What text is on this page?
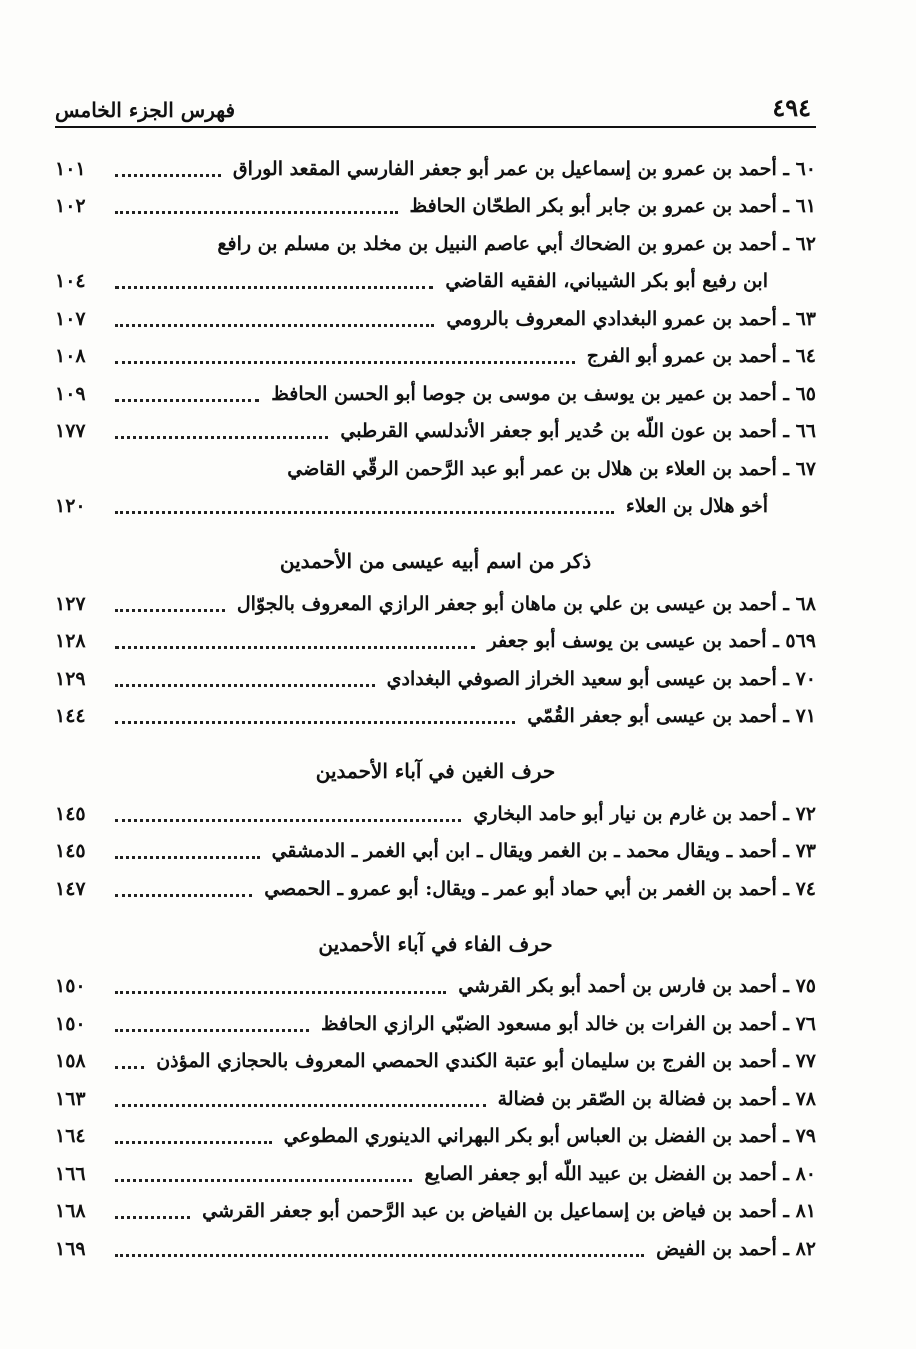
٤٩٤
فهرس الجزء الخامس
٦٠ ـ أحمد بن عمرو بن إسماعيل بن عمر أبو جعفر الفارسي المقعد الوراق
١٠١
٦١ ـ أحمد بن عمرو بن جابر أبو بكر الطحّان الحافظ
١٠٢
٦٢ ـ أحمد بن عمرو بن الضحاك أبي عاصم النبيل بن مخلد بن مسلم بن رافع
ابن رفيع أبو بكر الشيباني، الفقيه القاضي
١٠٤
٦٣ ـ أحمد بن عمرو البغدادي المعروف بالرومي
١٠٧
٦٤ ـ أحمد بن عمرو أبو الفرج
١٠٨
٦٥ ـ أحمد بن عمير بن يوسف بن موسى بن جوصا أبو الحسن الحافظ
١٠٩
٦٦ ـ أحمد بن عون اللّه بن حُدير أبو جعفر الأندلسي القرطبي
١٧٧
٦٧ ـ أحمد بن العلاء بن هلال بن عمر أبو عبد الرَّحمن الرقّي القاضي
أخو هلال بن العلاء
١٢٠
ذكر من اسم أبيه عيسى من الأحمدين
٦٨ ـ أحمد بن عيسى بن علي بن ماهان أبو جعفر الرازي المعروف بالجوّال
١٢٧
٥٦٩ ـ أحمد بن عيسى بن يوسف أبو جعفر
١٢٨
٧٠ ـ أحمد بن عيسى أبو سعيد الخراز الصوفي البغدادي
١٢٩
٧١ ـ أحمد بن عيسى أبو جعفر القُمّي
١٤٤
حرف الغين في آباء الأحمدين
٧٢ ـ أحمد بن غارم بن نيار أبو حامد البخاري
١٤٥
٧٣ ـ أحمد ـ ويقال محمد ـ بن الغمر ويقال ـ ابن أبي الغمر ـ الدمشقي
١٤٥
٧٤ ـ أحمد بن الغمر بن أبي حماد أبو عمر ـ ويقال: أبو عمرو ـ الحمصي
١٤٧
حرف الفاء في آباء الأحمدين
٧٥ ـ أحمد بن فارس بن أحمد أبو بكر القرشي
١٥٠
٧٦ ـ أحمد بن الفرات بن خالد أبو مسعود الضبّي الرازي الحافظ
١٥٠
٧٧ ـ أحمد بن الفرج بن سليمان أبو عتبة الكندي الحمصي المعروف بالحجازي المؤذن
١٥٨
٧٨ ـ أحمد بن فضالة بن الصّقر بن فضالة
١٦٣
٧٩ ـ أحمد بن الفضل بن العباس أبو بكر البهراني الدينوري المطوعي
١٦٤
٨٠ ـ أحمد بن الفضل بن عبيد اللّه أبو جعفر الصايع
١٦٦
٨١ ـ أحمد بن فياض بن إسماعيل بن الفياض بن عبد الرَّحمن أبو جعفر القرشي
١٦٨
٨٢ ـ أحمد بن الفيض
١٦٩
